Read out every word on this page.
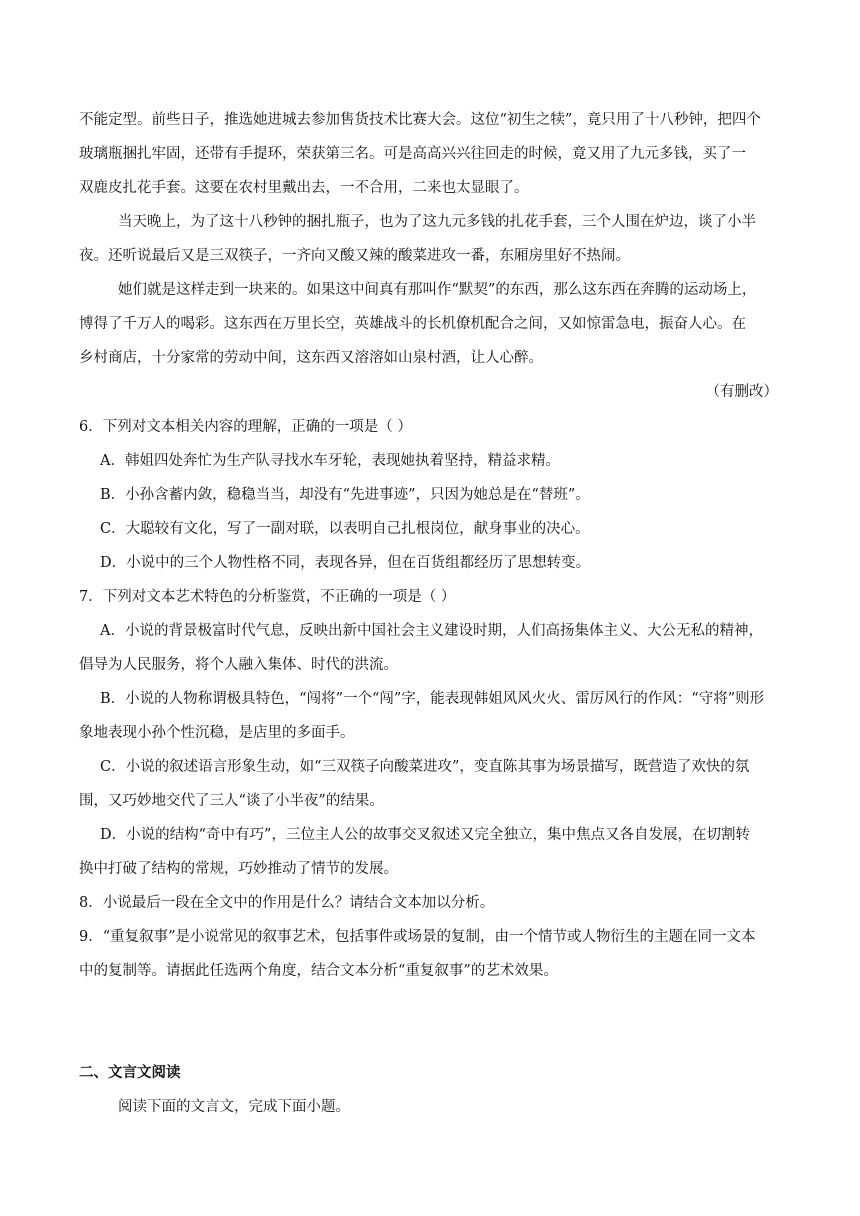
不能定型。前些日子，推选她进城去参加售货技术比赛大会。这位“初生之犊”，竟只用了十八秒钟，把四个
玻璃瓶捆扎牢固，还带有手提环，荣获第三名。可是高高兴兴往回走的时候，竟又用了九元多钱，买了一
双鹿皮扎花手套。这要在农村里戴出去，一不合用，二来也太显眼了。
当天晚上，为了这十八秒钟的捆扎瓶子，也为了这九元多钱的扎花手套，三个人围在炉边，谈了小半
夜。还听说最后又是三双筷子，一齐向又酸又辣的酸菜进攻一番，东厢房里好不热闹。
她们就是这样走到一块来的。如果这中间真有那叫作“默契”的东西，那么这东西在奔腾的运动场上，
博得了千万人的喝彩。这东西在万里长空，英雄战斗的长机僚机配合之间，又如惊雷急电，振奋人心。在
乡村商店，十分家常的劳动中间，这东西又溶溶如山泉村酒，让人心醉。
（有删改）
6．下列对文本相关内容的理解，正确的一项是（ ）
A．韩姐四处奔忙为生产队寻找水车牙轮，表现她执着坚持，精益求精。
B．小孙含蓄内敛，稳稳当当，却没有“先进事迹”，只因为她总是在“替班”。
C．大聪较有文化，写了一副对联，以表明自己扎根岗位，献身事业的决心。
D．小说中的三个人物性格不同，表现各异，但在百货组都经历了思想转变。
7．下列对文本艺术特色的分析鉴赏，不正确的一项是（ ）
A．小说的背景极富时代气息，反映出新中国社会主义建设时期，人们高扬集体主义、大公无私的精神，
倡导为人民服务，将个人融入集体、时代的洪流。
B．小说的人物称谓极具特色，“闯将”一个“闯”字，能表现韩姐风风火火、雷厉风行的作风：“守将”则形
象地表现小孙个性沉稳，是店里的多面手。
C．小说的叙述语言形象生动，如“三双筷子向酸菜进攻”，变直陈其事为场景描写，既营造了欢快的氛
围，又巧妙地交代了三人“谈了小半夜”的结果。
D．小说的结构“奇中有巧”，三位主人公的故事交叉叙述又完全独立，集中焦点又各自发展，在切割转
换中打破了结构的常规，巧妙推动了情节的发展。
8．小说最后一段在全文中的作用是什么？请结合文本加以分析。
9．“重复叙事”是小说常见的叙事艺术，包括事件或场景的复制，由一个情节或人物衍生的主题在同一文本
中的复制等。请据此任选两个角度，结合文本分析“重复叙事”的艺术效果。
二、文言文阅读
阅读下面的文言文，完成下面小题。
